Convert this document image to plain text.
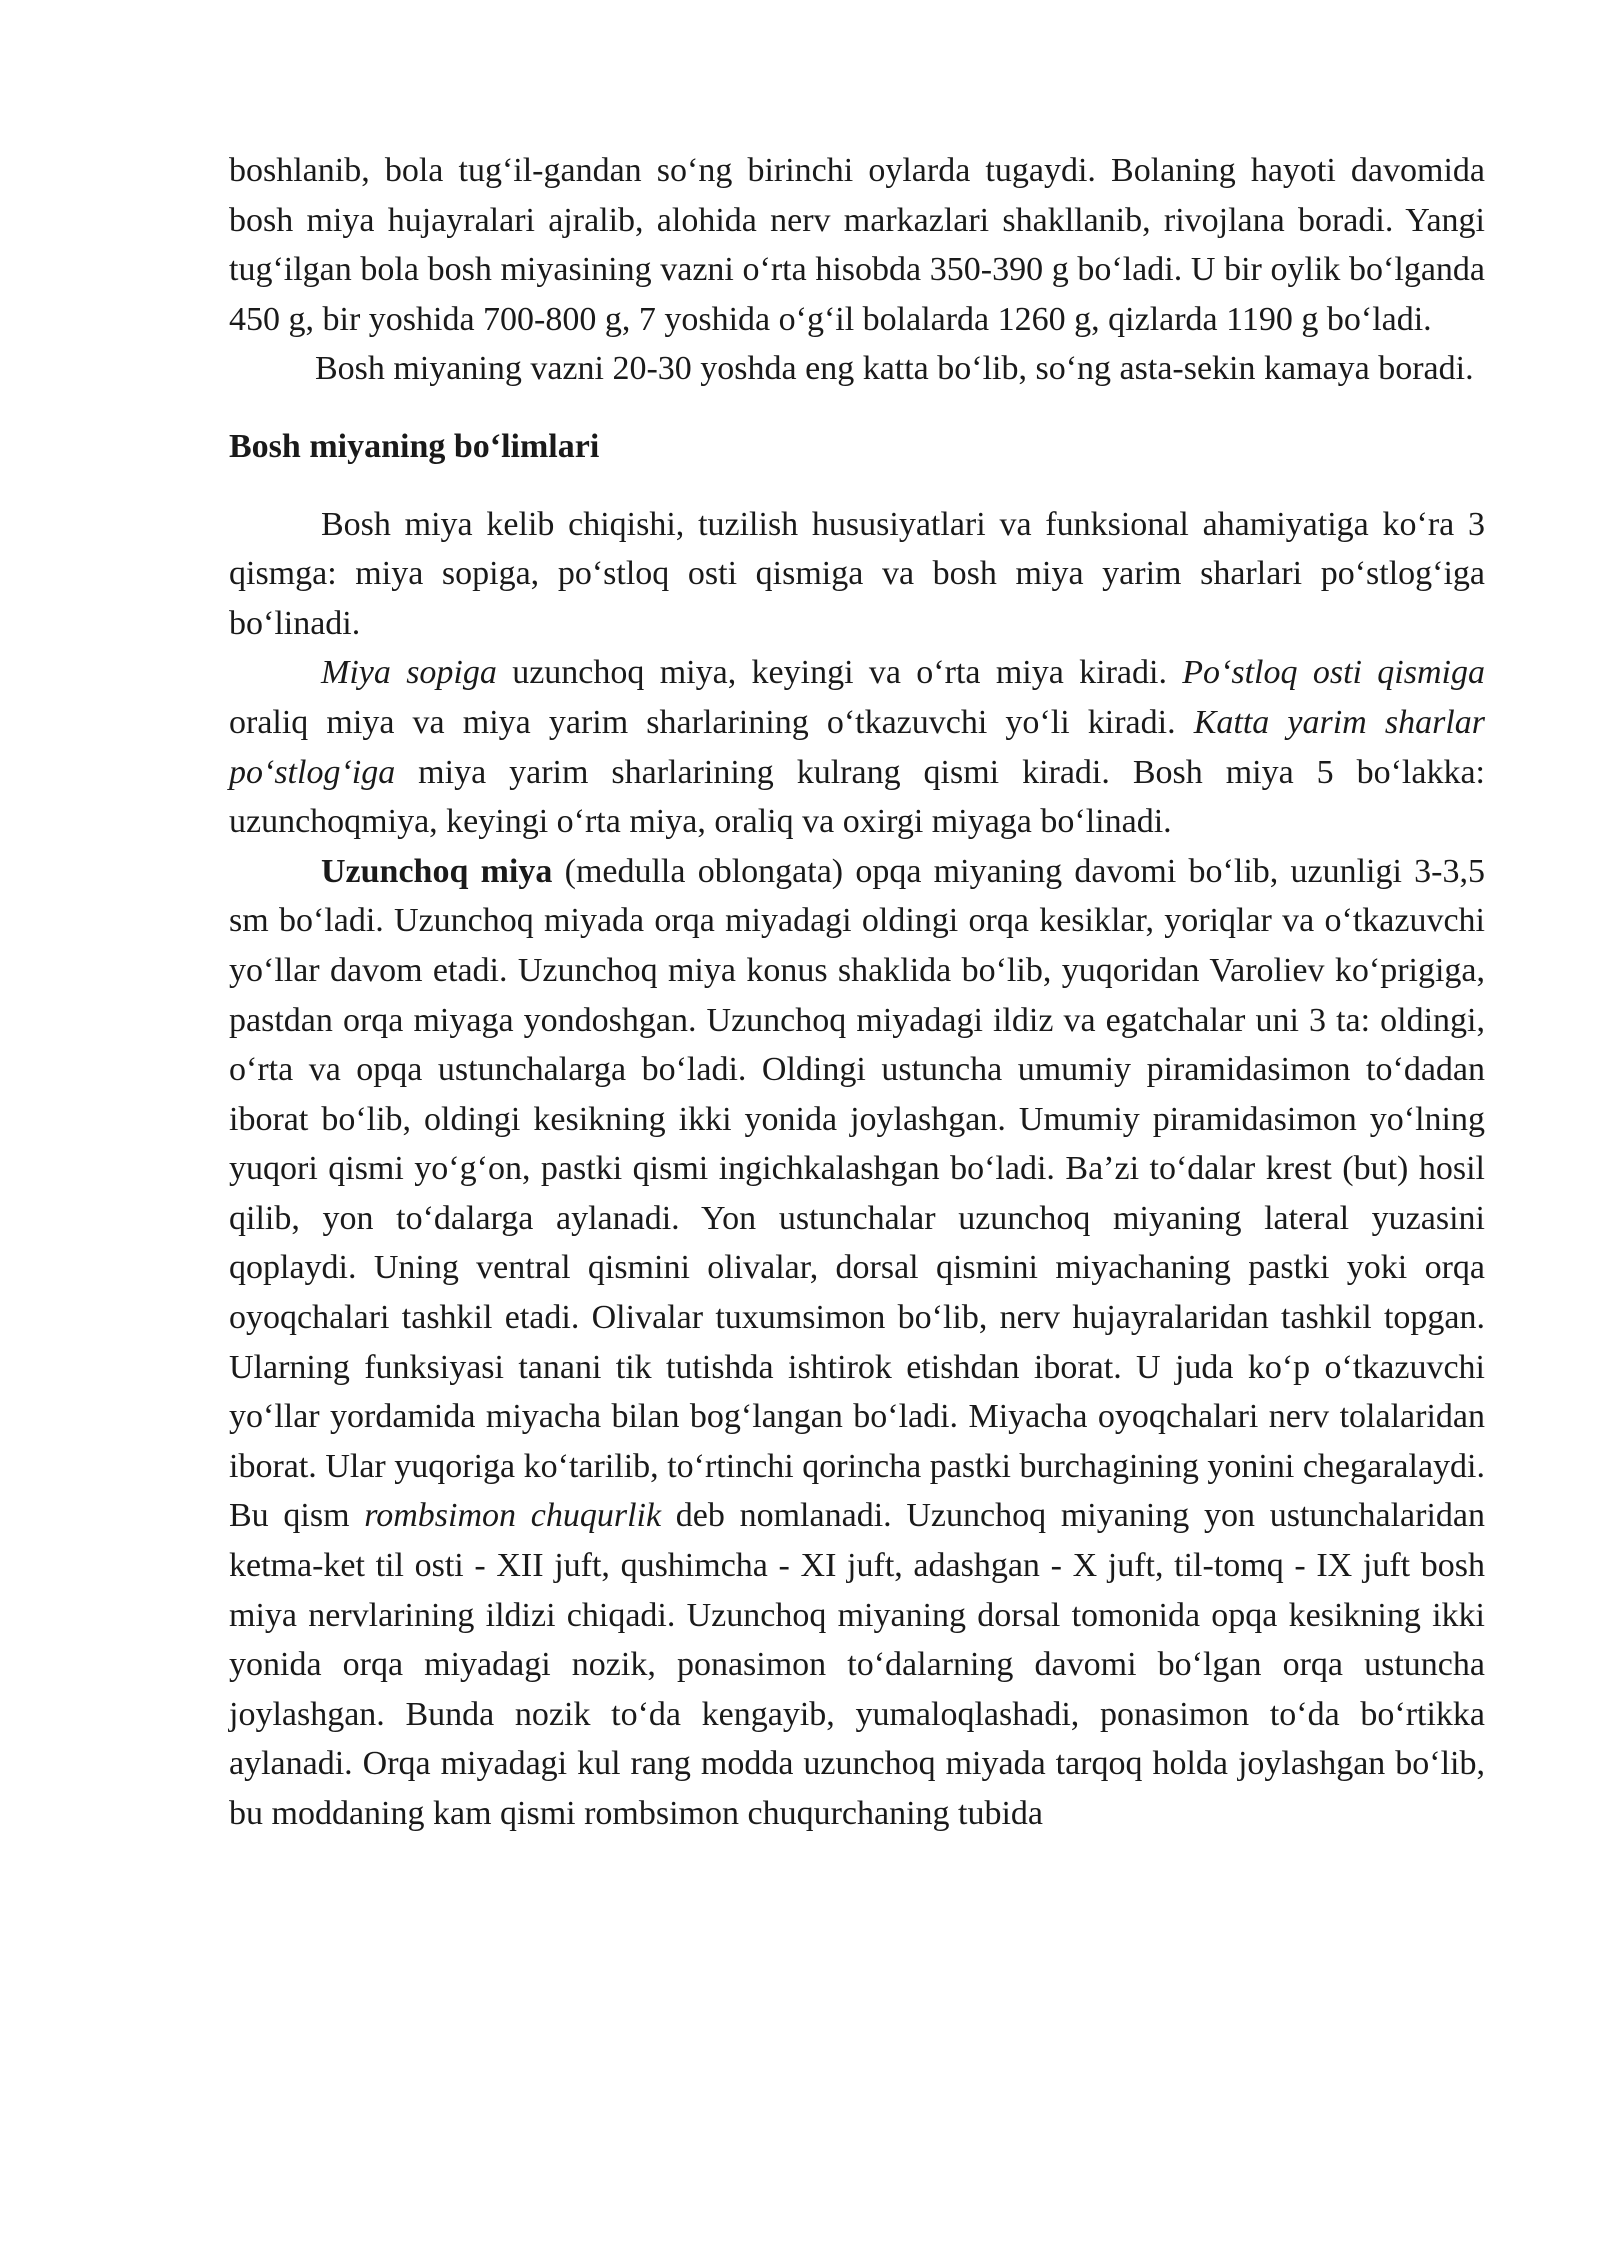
boshlanib, bola tug‘il-gandan so‘ng birinchi oylarda tugaydi. Bolaning hayoti davomida bosh miya hujayralari ajralib, alohida nerv markazlari shakllanib, rivojlana boradi. Yangi tug‘ilgan bola bosh miyasining vazni o‘rta hisobda 350-390 g bo‘ladi. U bir oylik bo‘lganda 450 g, bir yoshida 700-800 g, 7 yoshida o‘g‘il bolalarda 1260 g, qizlarda 1190 g bo‘ladi.

Bosh miyaning vazni 20-30 yoshda eng katta bo‘lib, so‘ng asta-sekin kamaya boradi.

Bosh miyaning bo‘limlari

Bosh miya kelib chiqishi, tuzilish hususiyatlari va funksional ahamiyatiga ko‘ra 3 qismga: miya sopiga, po‘stloq osti qismiga va bosh miya yarim sharlari po‘stlog‘iga bo‘linadi.

Miya sopiga uzunchoq miya, keyingi va o‘rta miya kiradi. Po‘stloq osti qismiga oraliq miya va miya yarim sharlarining o‘tkazuvchi yo‘li kiradi. Katta yarim sharlar po‘stlog‘iga miya yarim sharlarining kulrang qismi kiradi. Bosh miya 5 bo‘lakka: uzunchoqmiya, keyingi o‘rta miya, oraliq va oxirgi miyaga bo‘linadi.

Uzunchoq miya (medulla oblongata) opqa miyaning davomi bo‘lib, uzunligi 3-3,5 sm bo‘ladi. Uzunchoq miyada orqa miyadagi oldingi orqa kesiklar, yoriqlar va o‘tkazuvchi yo‘llar davom etadi. Uzunchoq miya konus shaklida bo‘lib, yuqoridan Varoliev ko‘prigiga, pastdan orqa miyaga yondoshgan. Uzunchoq miyadagi ildiz va egatchalar uni 3 ta: oldingi, o‘rta va opqa ustunchalarga bo‘ladi. Oldingi ustuncha umumiy piramidasimon to‘dadan iborat bo‘lib, oldingi kesikning ikki yonida joylashgan. Umumiy piramidasimon yo‘lning yuqori qismi yo‘g‘on, pastki qismi ingichkalashgan bo‘ladi. Ba’zi to‘dalar krest (but) hosil qilib, yon to‘dalarga aylanadi. Yon ustunchalar uzunchoq miyaning lateral yuzasini qoplaydi. Uning ventral qismini olivalar, dorsal qismini miyachaning pastki yoki orqa oyoqchalari tashkil etadi. Olivalar tuxumsimon bo‘lib, nerv hujayralaridan tashkil topgan. Ularning funksiyasi tanani tik tutishda ishtirok etishdan iborat. U juda ko‘p o‘tkazuvchi yo‘llar yordamida miyacha bilan bog‘langan bo‘ladi. Miyacha oyoqchalari nerv tolalaridan iborat. Ular yuqoriga ko‘tarilib, to‘rtinchi qorincha pastki burchagining yonini chegaralaydi. Bu qism rombsimon chuqurlik deb nomlanadi. Uzunchoq miyaning yon ustunchalaridan ketma-ket til osti - XII juft, qushimcha - XI juft, adashgan - X juft, til-tomq - IX juft bosh miya nervlarining ildizi chiqadi. Uzunchoq miyaning dorsal tomonida opqa kesikning ikki yonida orqa miyadagi nozik, ponasimon to‘dalarning davomi bo‘lgan orqa ustuncha joylashgan. Bunda nozik to‘da kengayib, yumaloqlashadi, ponasimon to‘da bo‘rtikka aylanadi. Orqa miyadagi kul rang modda uzunchoq miyada tarqoq holda joylashgan bo‘lib, bu moddaning kam qismi rombsimon chuqurchaning tubida
